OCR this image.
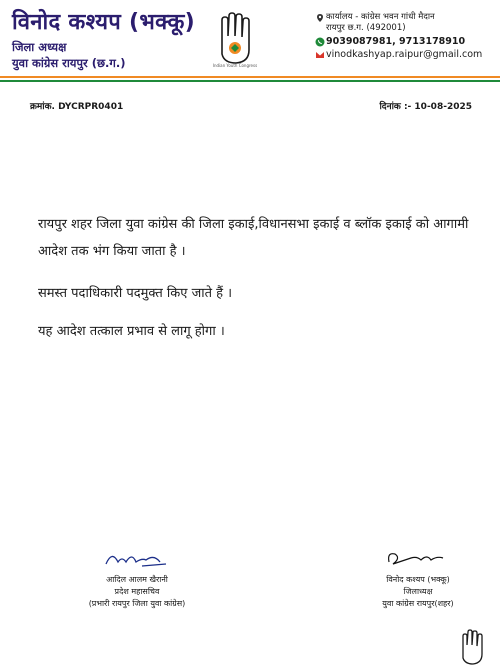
विनोद कश्यप (भक्कू)
जिला अध्यक्ष
युवा कांग्रेस रायपुर (छ.ग.)	Indian Youth Congress
कार्यालय - कांग्रेस भवन गांधी मैदान
रायपुर छ.ग. (492001)
9039087981, 9713178910
vinodkashyap.raipur@gmail.com
क्रमांक. DYCRPR0401	दिनांक :- 10-08-2025
रायपुर शहर जिला युवा कांग्रेस की जिला इकाई,विधानसभा इकाई व ब्लॉक इकाई को आगामी आदेश तक भंग किया जाता है ।
समस्त पदाधिकारी पदमुक्त किए जाते हैं ।
यह आदेश तत्काल प्रभाव से लागू होगा ।
आदिल आलम खैरानी
प्रदेश महासचिव
(प्रभारी रायपुर जिला युवा कांग्रेस)
विनोद कश्यप (भक्कू)
जिलाध्यक्ष
युवा कांग्रेस रायपुर(शहर)
